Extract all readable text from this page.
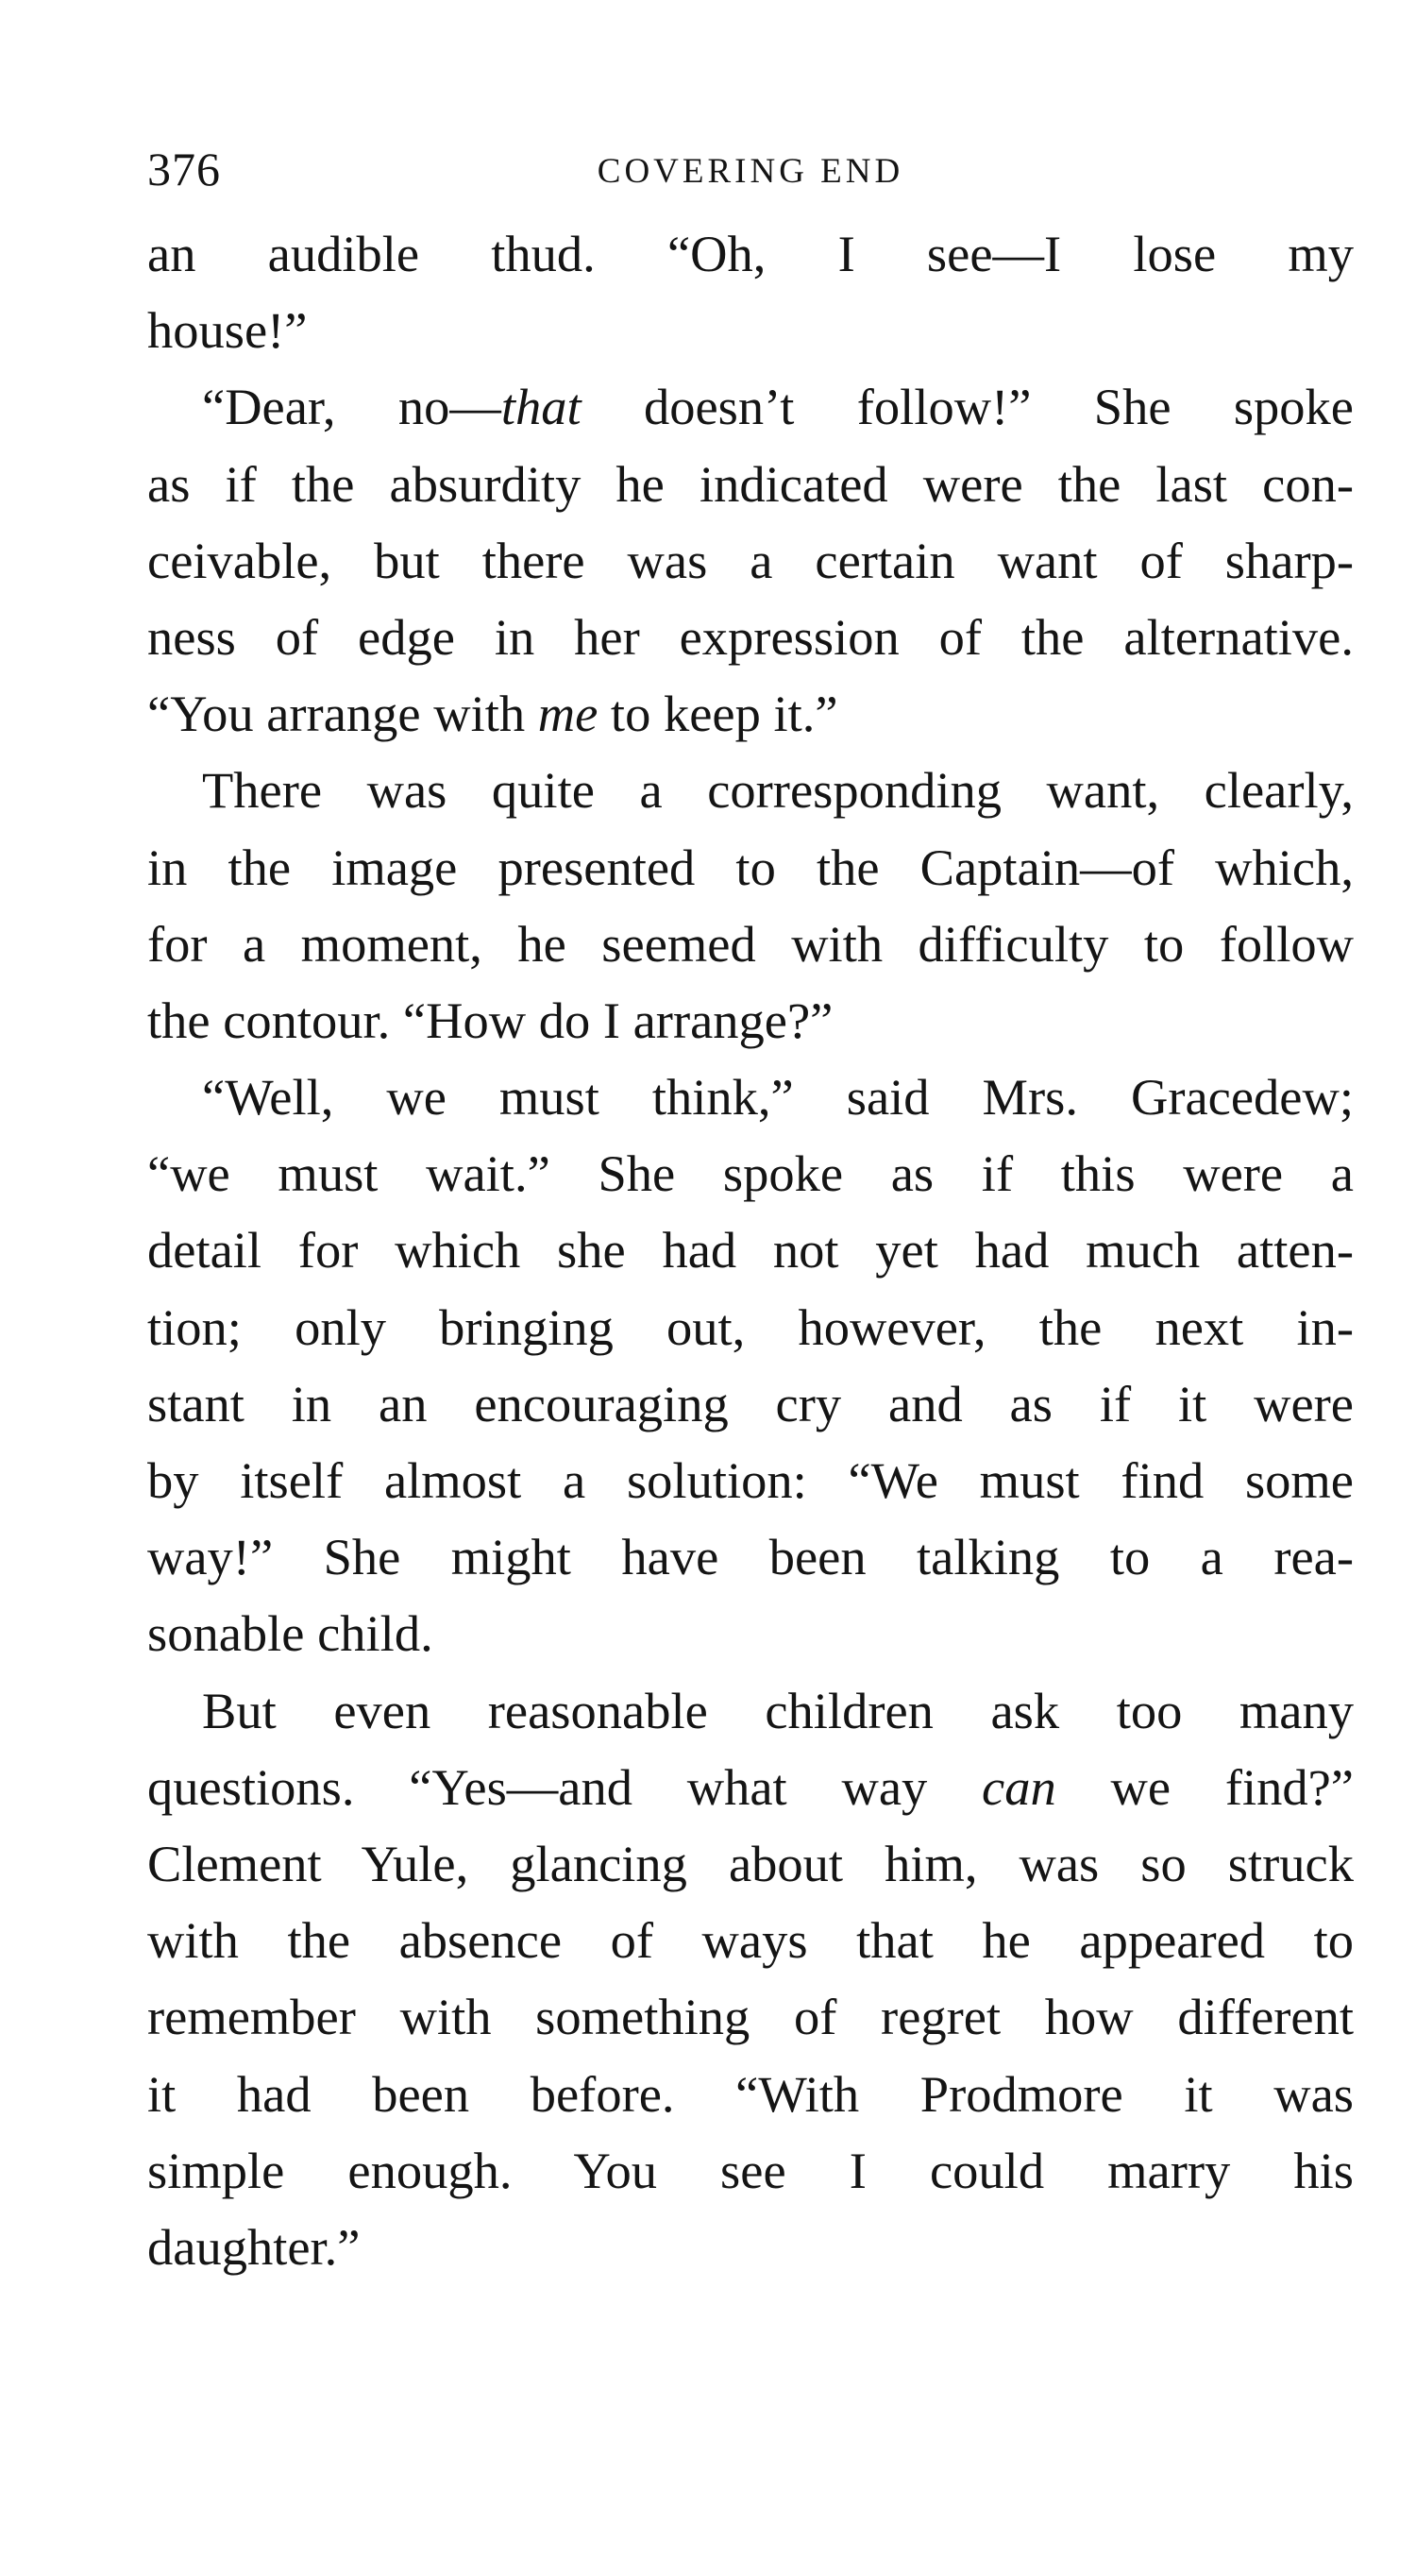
376	COVERING END
an audible thud. “Oh, I see—I lose my
house!”
“Dear, no—that doesn’t follow!” She spoke
as if the absurdity he indicated were the last con-
ceivable, but there was a certain want of sharp-
ness of edge in her expression of the alternative.
“You arrange with me to keep it.”
There was quite a corresponding want, clearly,
in the image presented to the Captain—of which,
for a moment, he seemed with difficulty to follow
the contour. “How do I arrange?”
“Well, we must think,” said Mrs. Gracedew;
“we must wait.” She spoke as if this were a
detail for which she had not yet had much atten-
tion; only bringing out, however, the next in-
stant in an encouraging cry and as if it were
by itself almost a solution: “We must find some
way!” She might have been talking to a rea-
sonable child.
But even reasonable children ask too many
questions. “Yes—and what way can we find?”
Clement Yule, glancing about him, was so struck
with the absence of ways that he appeared to
remember with something of regret how different
it had been before. “With Prodmore it was
simple enough. You see I could marry his
daughter.”
